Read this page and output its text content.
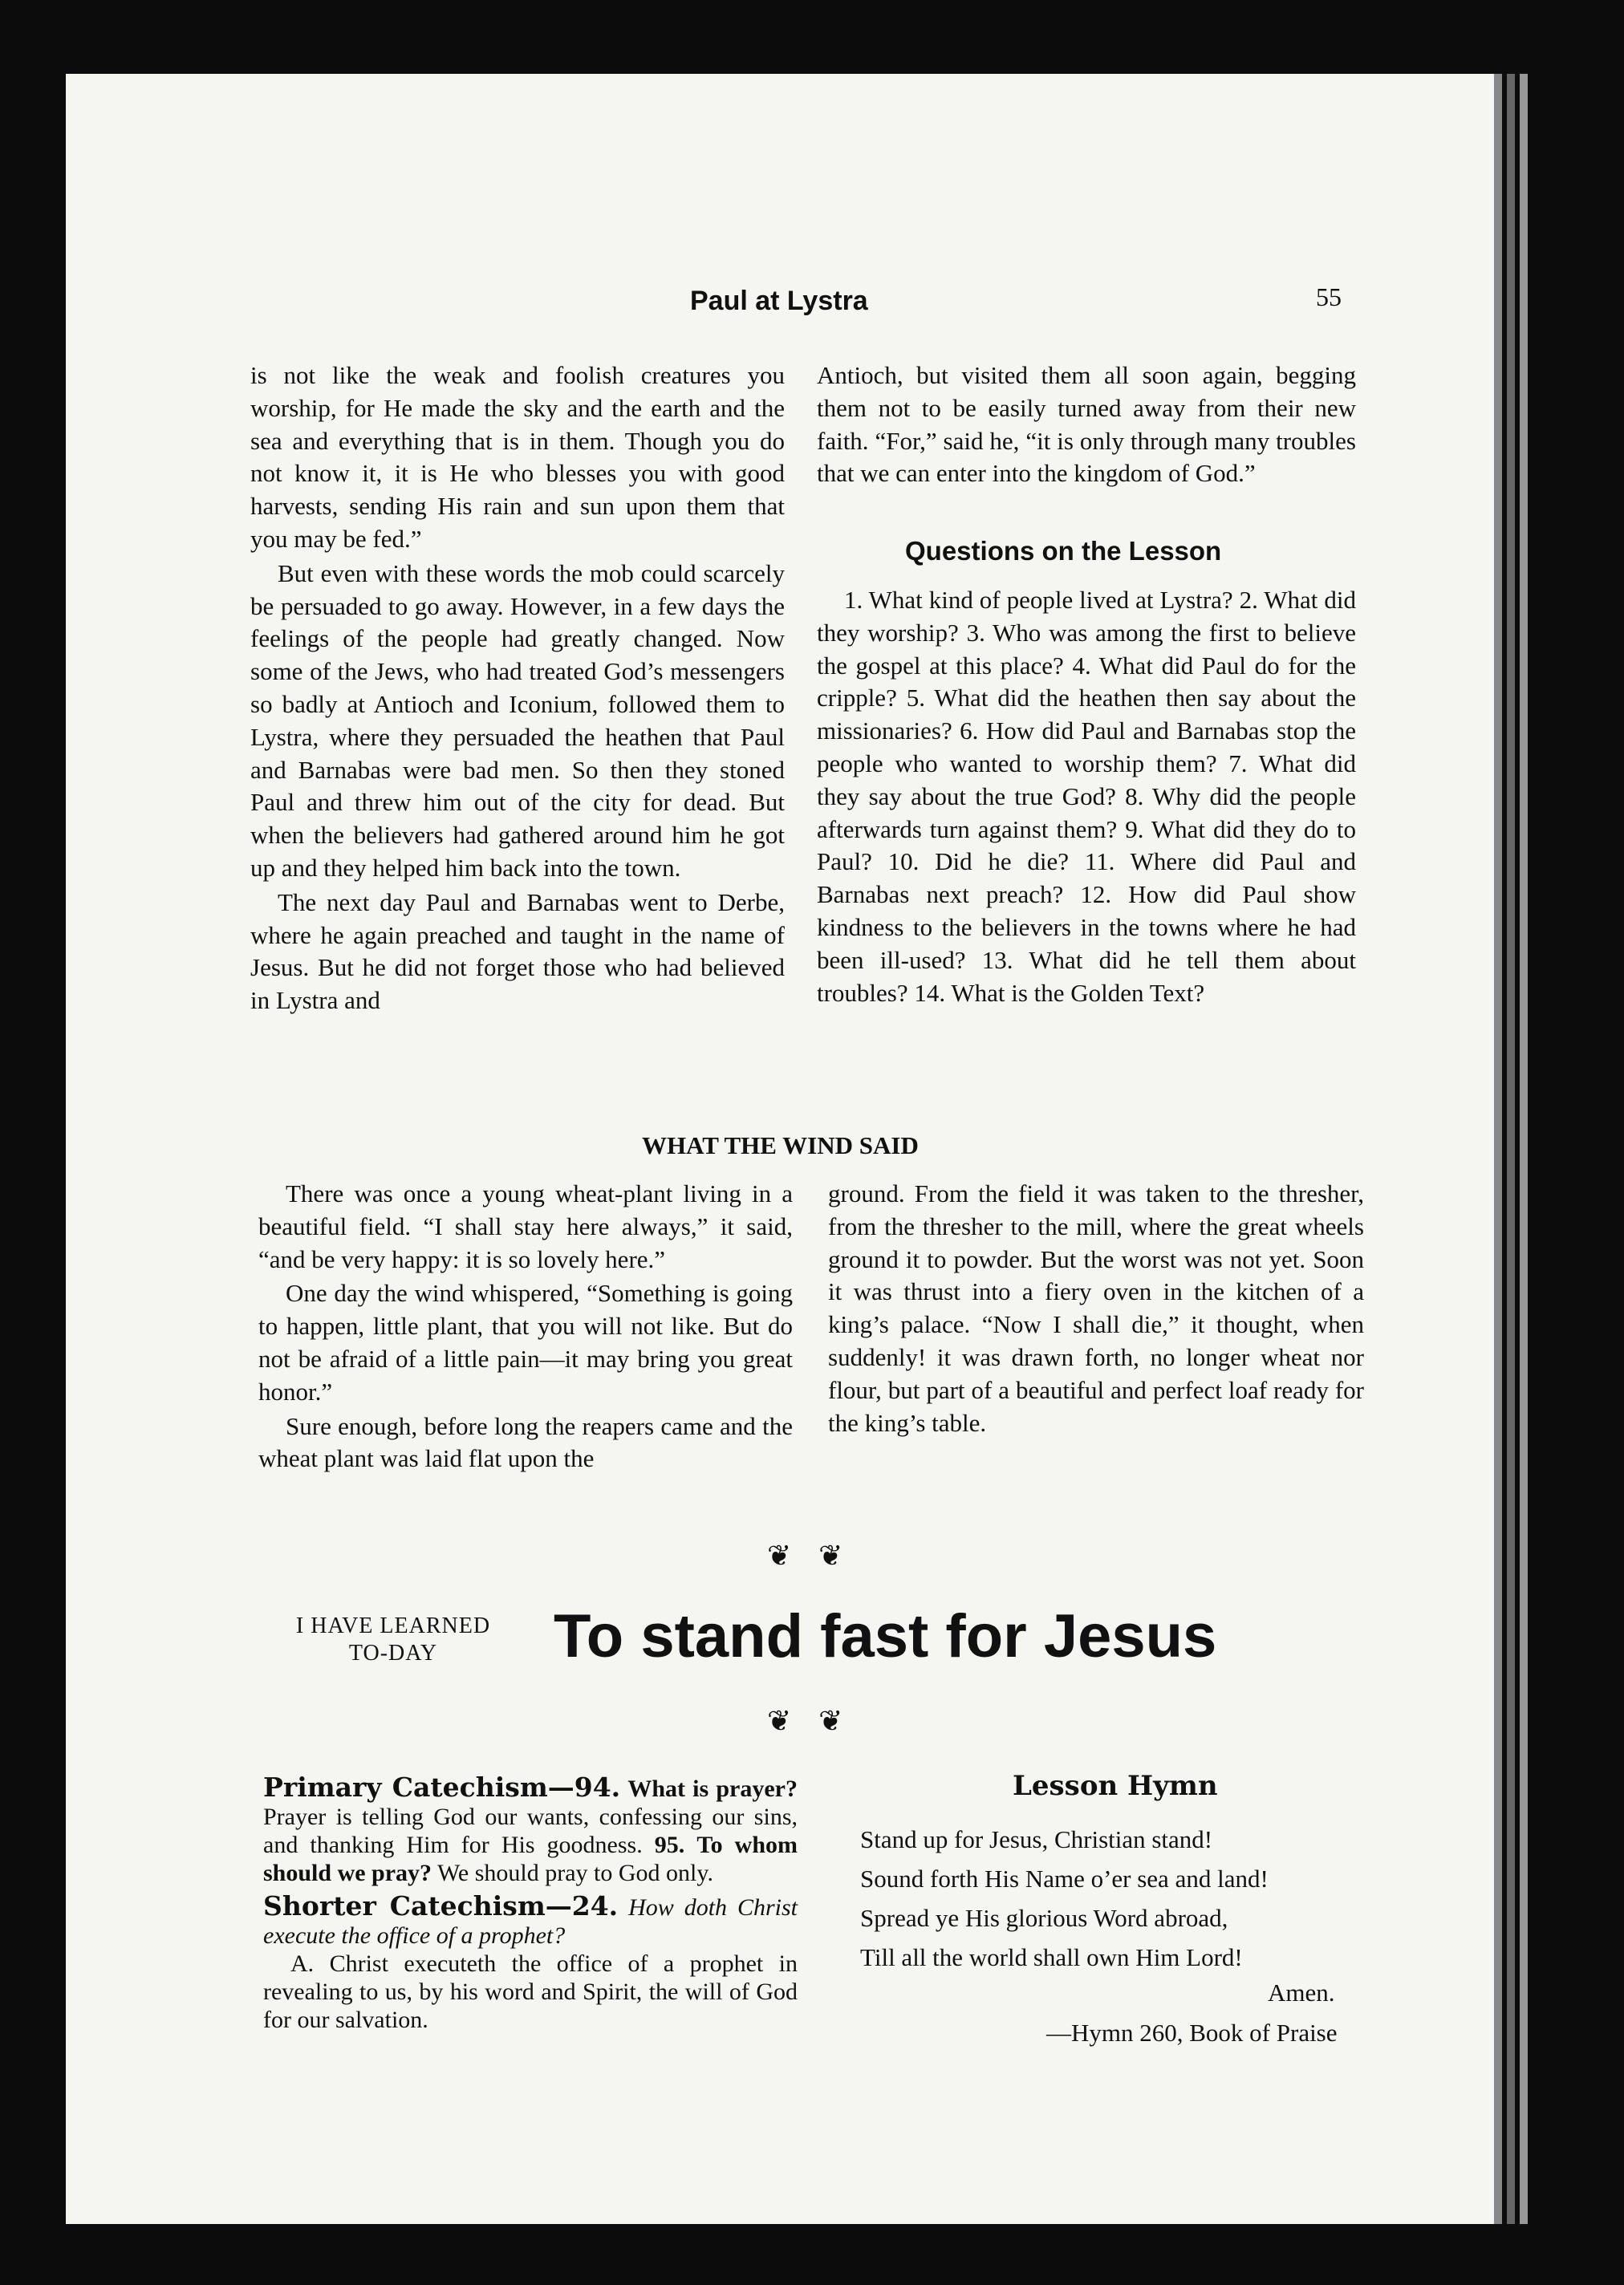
Paul at Lystra	55

is not like the weak and foolish creatures you worship, for He made the sky and the earth and the sea and everything that is in them. Though you do not know it, it is He who blesses you with good harvests, sending His rain and sun upon them that you may be fed.”

But even with these words the mob could scarcely be persuaded to go away. However, in a few days the feelings of the people had greatly changed. Now some of the Jews, who had treated God’s messengers so badly at Antioch and Iconium, followed them to Lystra, where they persuaded the heathen that Paul and Barnabas were bad men. So then they stoned Paul and threw him out of the city for dead. But when the believers had gathered around him he got up and they helped him back into the town.

The next day Paul and Barnabas went to Derbe, where he again preached and taught in the name of Jesus. But he did not forget those who had believed in Lystra and

Antioch, but visited them all soon again, begging them not to be easily turned away from their new faith. “For,” said he, “it is only through many troubles that we can enter into the kingdom of God.”

Questions on the Lesson

1. What kind of people lived at Lystra? 2. What did they worship? 3. Who was among the first to believe the gospel at this place? 4. What did Paul do for the cripple? 5. What did the heathen then say about the missionaries? 6. How did Paul and Barnabas stop the people who wanted to worship them? 7. What did they say about the true God? 8. Why did the people afterwards turn against them? 9. What did they do to Paul? 10. Did he die? 11. Where did Paul and Barnabas next preach? 12. How did Paul show kindness to the believers in the towns where he had been ill-used? 13. What did he tell them about troubles? 14. What is the Golden Text?

WHAT THE WIND SAID

There was once a young wheat-plant living in a beautiful field. “I shall stay here always,” it said, “and be very happy: it is so lovely here.”

One day the wind whispered, “Something is going to happen, little plant, that you will not like. But do not be afraid of a little pain—it may bring you great honor.”

Sure enough, before long the reapers came and the wheat plant was laid flat upon the

ground. From the field it was taken to the thresher, from the thresher to the mill, where the great wheels ground it to powder. But the worst was not yet. Soon it was thrust into a fiery oven in the kitchen of a king’s palace. “Now I shall die,” it thought, when suddenly! it was drawn forth, no longer wheat nor flour, but part of a beautiful and perfect loaf ready for the king’s table.

❦❦
❦❦
I HAVE LEARNED
TO-DAY	To stand fast for Jesus

Primary Catechism—94. What is prayer? Prayer is telling God our wants, confessing our sins, and thanking Him for His goodness. 95. To whom should we pray? We should pray to God only.

Shorter Catechism—24. How doth Christ execute the office of a prophet?

A. Christ executeth the office of a prophet in revealing to us, by his word and Spirit, the will of God for our salvation.

Lesson Hymn
Stand up for Jesus, Christian stand!
Sound forth His Name o’er sea and land!
Spread ye His glorious Word abroad,
Till all the world shall own Him Lord!
Amen.
—Hymn 260, Book of Praise
